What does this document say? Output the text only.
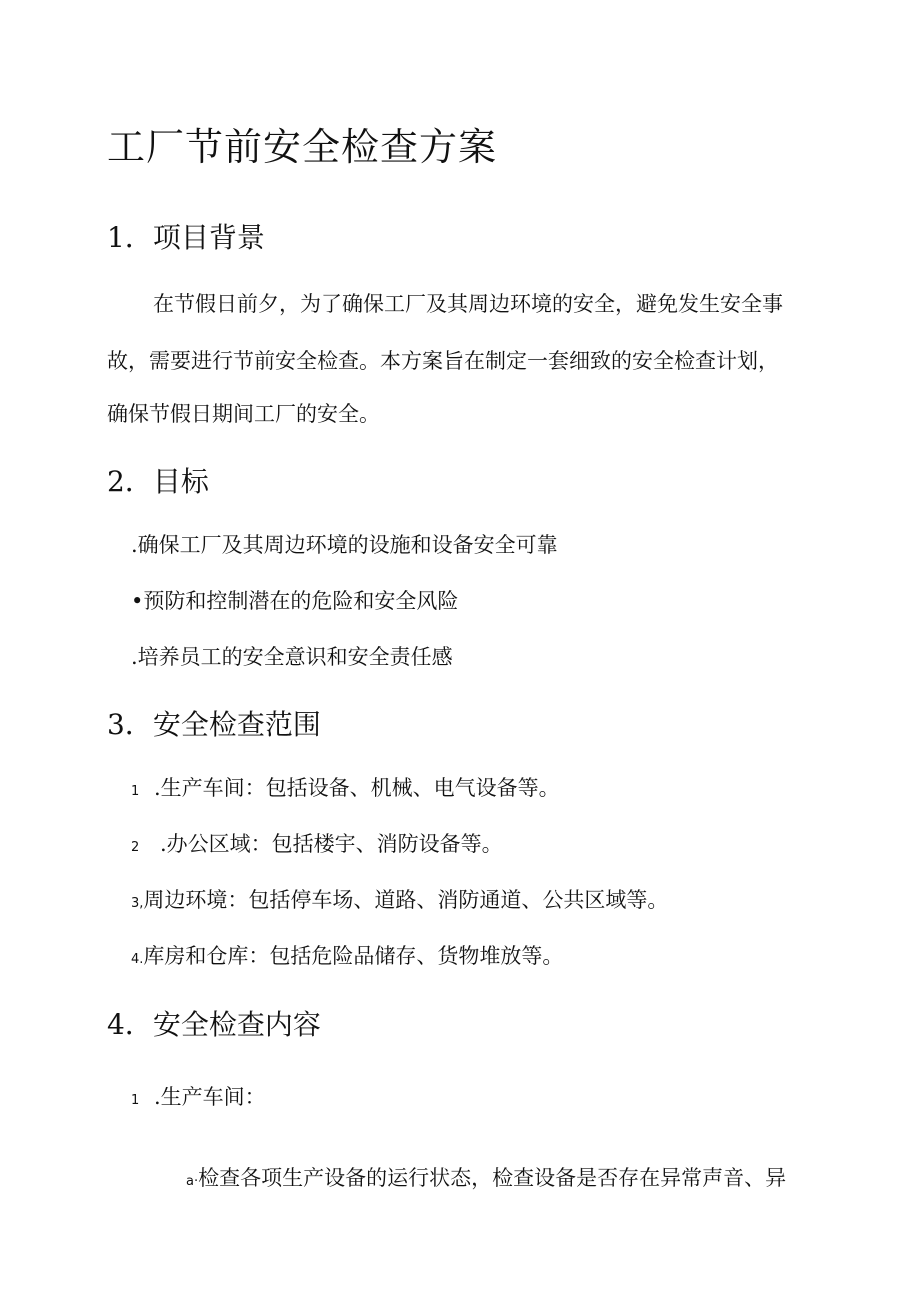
工厂节前安全检查方案
1．项目背景
在节假日前夕，为了确保工厂及其周边环境的安全，避免发生安全事
故，需要进行节前安全检查。本方案旨在制定一套细致的安全检查计划，
确保节假日期间工厂的安全。
2．目标
.确保工厂及其周边环境的设施和设备安全可靠
•预防和控制潜在的危险和安全风险
.培养员工的安全意识和安全责任感
3．安全检查范围
1 .生产车间：包括设备、机械、电气设备等。
2 .办公区域：包括楼宇、消防设备等。
3,周边环境：包括停车场、道路、消防通道、公共区域等。
4.库房和仓库：包括危险品储存、货物堆放等。
4．安全检查内容
1 .生产车间：
a·检查各项生产设备的运行状态，检查设备是否存在异常声音、异
